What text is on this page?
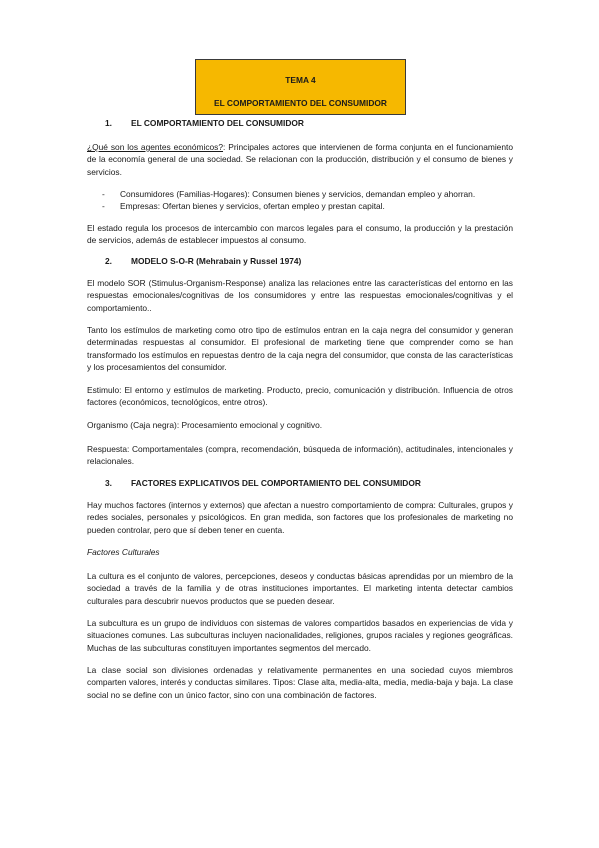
TEMA 4
EL COMPORTAMIENTO DEL CONSUMIDOR
1. EL COMPORTAMIENTO DEL CONSUMIDOR
¿Qué son los agentes económicos?: Principales actores que intervienen de forma conjunta en el funcionamiento de la economía general de una sociedad. Se relacionan con la producción, distribución y el consumo de bienes y servicios.
- Consumidores (Familias-Hogares): Consumen bienes y servicios, demandan empleo y ahorran.
- Empresas: Ofertan bienes y servicios, ofertan empleo y prestan capital.
El estado regula los procesos de intercambio con marcos legales para el consumo, la producción y la prestación de servicios, además de establecer impuestos al consumo.
2. MODELO S-O-R (Mehrabain y Russel 1974)
El modelo SOR (Stimulus-Organism-Response) analiza las relaciones entre las características del entorno en las respuestas emocionales/cognitivas de los consumidores y entre las respuestas emocionales/cognitivas y el comportamiento..
Tanto los estímulos de marketing como otro tipo de estímulos entran en la caja negra del consumidor y generan determinadas respuestas al consumidor. El profesional de marketing tiene que comprender como se han transformado los estímulos en repuestas dentro de la caja negra del consumidor, que consta de las características y los procesamientos del consumidor.
Estimulo: El entorno y estímulos de marketing. Producto, precio, comunicación y distribución. Influencia de otros factores (económicos, tecnológicos, entre otros).
Organismo (Caja negra): Procesamiento emocional y cognitivo.
Respuesta: Comportamentales (compra, recomendación, búsqueda de información), actitudinales, intencionales y relacionales.
3. FACTORES EXPLICATIVOS DEL COMPORTAMIENTO DEL CONSUMIDOR
Hay muchos factores (internos y externos) que afectan a nuestro comportamiento de compra: Culturales, grupos y redes sociales, personales y psicológicos. En gran medida, son factores que los profesionales de marketing no pueden controlar, pero que sí deben tener en cuenta.
Factores Culturales
La cultura es el conjunto de valores, percepciones, deseos y conductas básicas aprendidas por un miembro de la sociedad a través de la familia y de otras instituciones importantes. El marketing intenta detectar cambios culturales para descubrir nuevos productos que se pueden desear.
La subcultura es un grupo de individuos con sistemas de valores compartidos basados en experiencias de vida y situaciones comunes. Las subculturas incluyen nacionalidades, religiones, grupos raciales y regiones geográficas. Muchas de las subculturas constituyen importantes segmentos del mercado.
La clase social son divisiones ordenadas y relativamente permanentes en una sociedad cuyos miembros comparten valores, interés y conductas similares. Tipos: Clase alta, media-alta, media, media-baja y baja. La clase social no se define con un único factor, sino con una combinación de factores.
